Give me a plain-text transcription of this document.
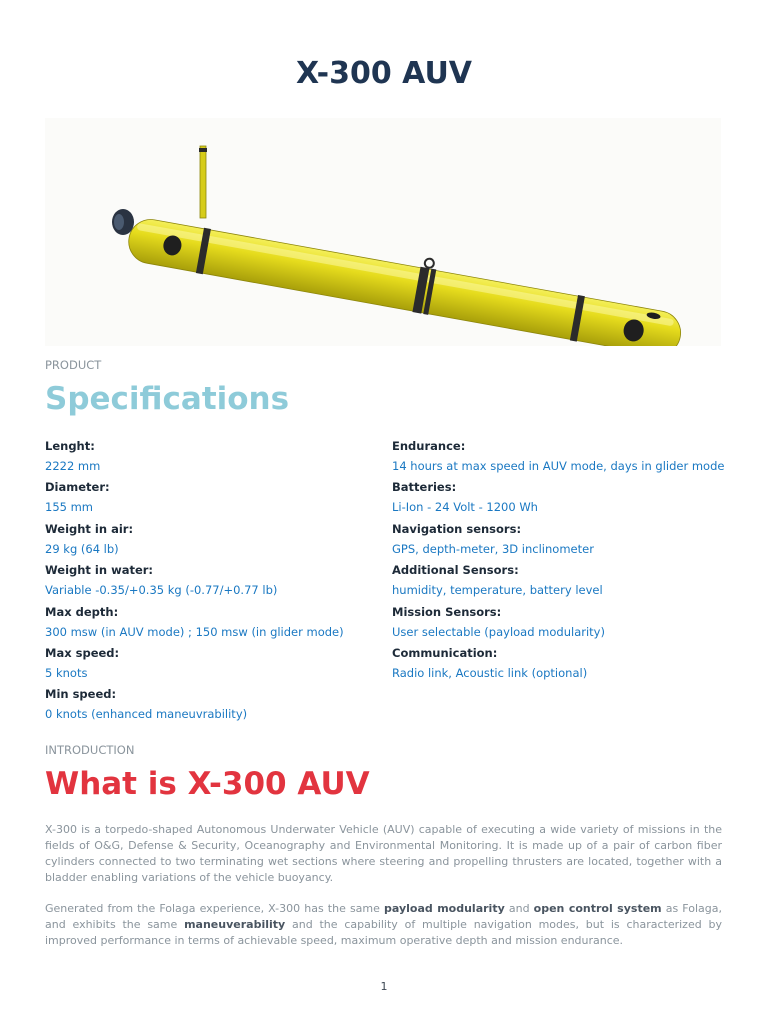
X-300 AUV
PRODUCT
Specifications
Lenght:
2222 mm
Diameter:
155 mm
Weight in air:
29 kg (64 lb)
Weight in water:
Variable -0.35/+0.35 kg (-0.77/+0.77 lb)
Max depth:
300 msw (in AUV mode) ; 150 msw (in glider mode)
Max speed:
5 knots
Min speed:
0 knots (enhanced maneuvrability)
Endurance:
14 hours at max speed in AUV mode, days in glider mode
Batteries:
Li-Ion - 24 Volt - 1200 Wh
Navigation sensors:
GPS, depth-meter, 3D inclinometer
Additional Sensors:
humidity, temperature, battery level
Mission Sensors:
User selectable (payload modularity)
Communication:
Radio link, Acoustic link (optional)
INTRODUCTION
What is X-300 AUV

X-300 is a torpedo-shaped Autonomous Underwater Vehicle (AUV) capable of executing a wide variety of missions in the fields of O&G, Defense & Security, Oceanography and Environmental Monitoring. It is made up of a pair of carbon fiber cylinders connected to two terminating wet sections where steering and propelling thrusters are located, together with a bladder enabling variations of the vehicle buoyancy.

Generated from the Folaga experience, X-300 has the same payload modularity and open control system as Folaga, and exhibits the same maneuverability and the capability of multiple navigation modes, but is characterized by improved performance in terms of achievable speed, maximum operative depth and mission endurance.

1
